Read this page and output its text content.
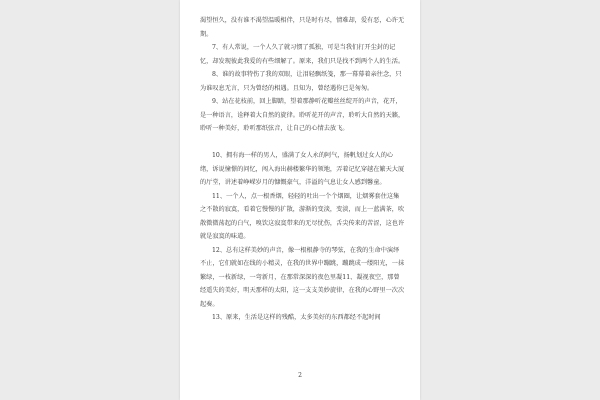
渴望恒久，没有谁不渴望温暖相伴，只是时有尽，情难却，爱有恶，心许无期。

7、有人常说，一个人久了就习惯了孤独，可是当我们打开尘封的记忆，却发现彼此我爱的有些细解了。原来，我们只是找不到两个人的生活。

8、谁的故事特伤了我的双眼，让泪轻飘纸笺，那一幕幕着亲往念，只为谁叹息无言，只为曾经的相遇。且知为，曾经遇你已是匆匆。

9、站在花枝前，回上脚踏，望着那静听花瓣丝丝绽开的声音，花开，是一种语言，诠释着大自然的旋律。聆听花开的声音，聆听大自然的天籁，聆听一种美好，聆听那纸弦音，让自己的心情去放飞。

10、拥有海一样的男人，盛满了女人永的阿气，扬帆划过女人的心绪，诉说憧憬的问忆，闯入海出赫楼繁华的领地，弄着记忆穿越在繁天大厦的厅堂，讲述着峥嵘岁月的慷慨豪气，洋溢的气息让女人感到馨童。

11、一个人，点一根香烟，轻轻的吐出一个个烟圈，让烟雾套住这集之不散的寂寞，看着它慢慢的扩散，游渐的变淡，变淡，而上一蓝满茶，吹散微微荡起的白气，嗅饮这寂寞带来的无尽忧伤，舌尖传来的苦涩，这也许就是寂寞的味道。

12、总有这样美妙的声音，像一根根静寺的琴弦，在我的生命中演绎不止，它们就如在线的小精灵，在我的世界中蹦跳，蹦跳成一缕阳光，一抹繁绿，一枝新绿，一弯新月，在那常深深的夜色里凝11、凝视夜空，那曾经遥失的美好，明天那样的太阳，这一支支美妙旋律，在我的心野里一次次起奏。

13、原来，生活是这样的残酷，太多美好的东西都经不起时间

2
